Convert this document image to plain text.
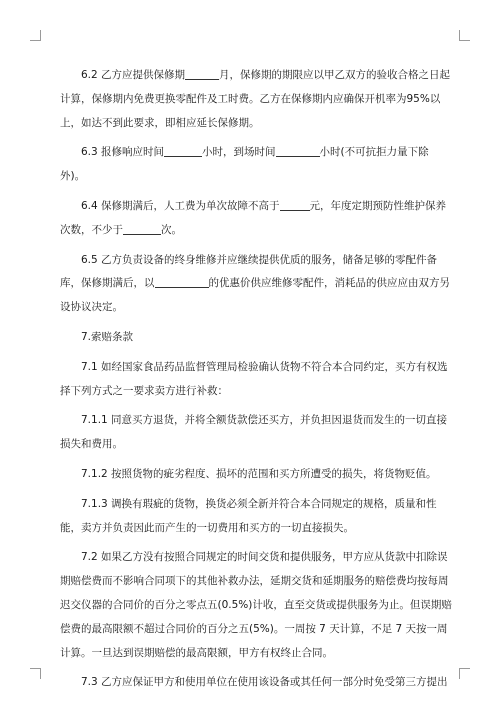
6.2 乙方应提供保修期	月，保修期的期限应以甲乙双方的验收合格之日起计算，保修期内免费更换零配件及工时费。乙方在保修期内应确保开机率为95%以上，如达不到此要求，即相应延长保修期。

6.3 报修响应时间	小时，到场时间	小时(不可抗拒力量下除外)。

6.4 保修期满后，人工费为单次故障不高于	元，年度定期预防性维护保养次数，不少于	次。

6.5 乙方负责设备的终身维修并应继续提供优质的服务，储备足够的零配件备库，保修期满后，以	的优惠价供应维修零配件，消耗品的供应应由双方另设协议决定。

7.索赔条款

7.1 如经国家食品药品监督管理局检验确认货物不符合本合同约定，买方有权选择下列方式之一要求卖方进行补救：

7.1.1 同意买方退货，并将全额货款偿还买方，并负担因退货而发生的一切直接损失和费用。

7.1.2 按照货物的疵劣程度、损坏的范围和买方所遭受的损失，将货物贬值。

7.1.3 调换有瑕疵的货物，换货必须全新并符合本合同规定的规格，质量和性能，卖方并负责因此而产生的一切费用和买方的一切直接损失。

7.2 如果乙方没有按照合同规定的时间交货和提供服务，甲方应从货款中扣除误期赔偿费而不影响合同项下的其他补救办法，延期交货和延期服务的赔偿费均按每周迟交仪器的合同价的百分之零点五(0.5%)计收，直至交货或提供服务为止。但误期赔偿费的最高限额不超过合同价的百分之五(5%)。一周按 7 天计算，不足 7 天按一周计算。一旦达到误期赔偿的最高限额，甲方有权终止合同。

7.3 乙方应保证甲方和使用单位在使用该设备或其任何一部分时免受第三方提出
